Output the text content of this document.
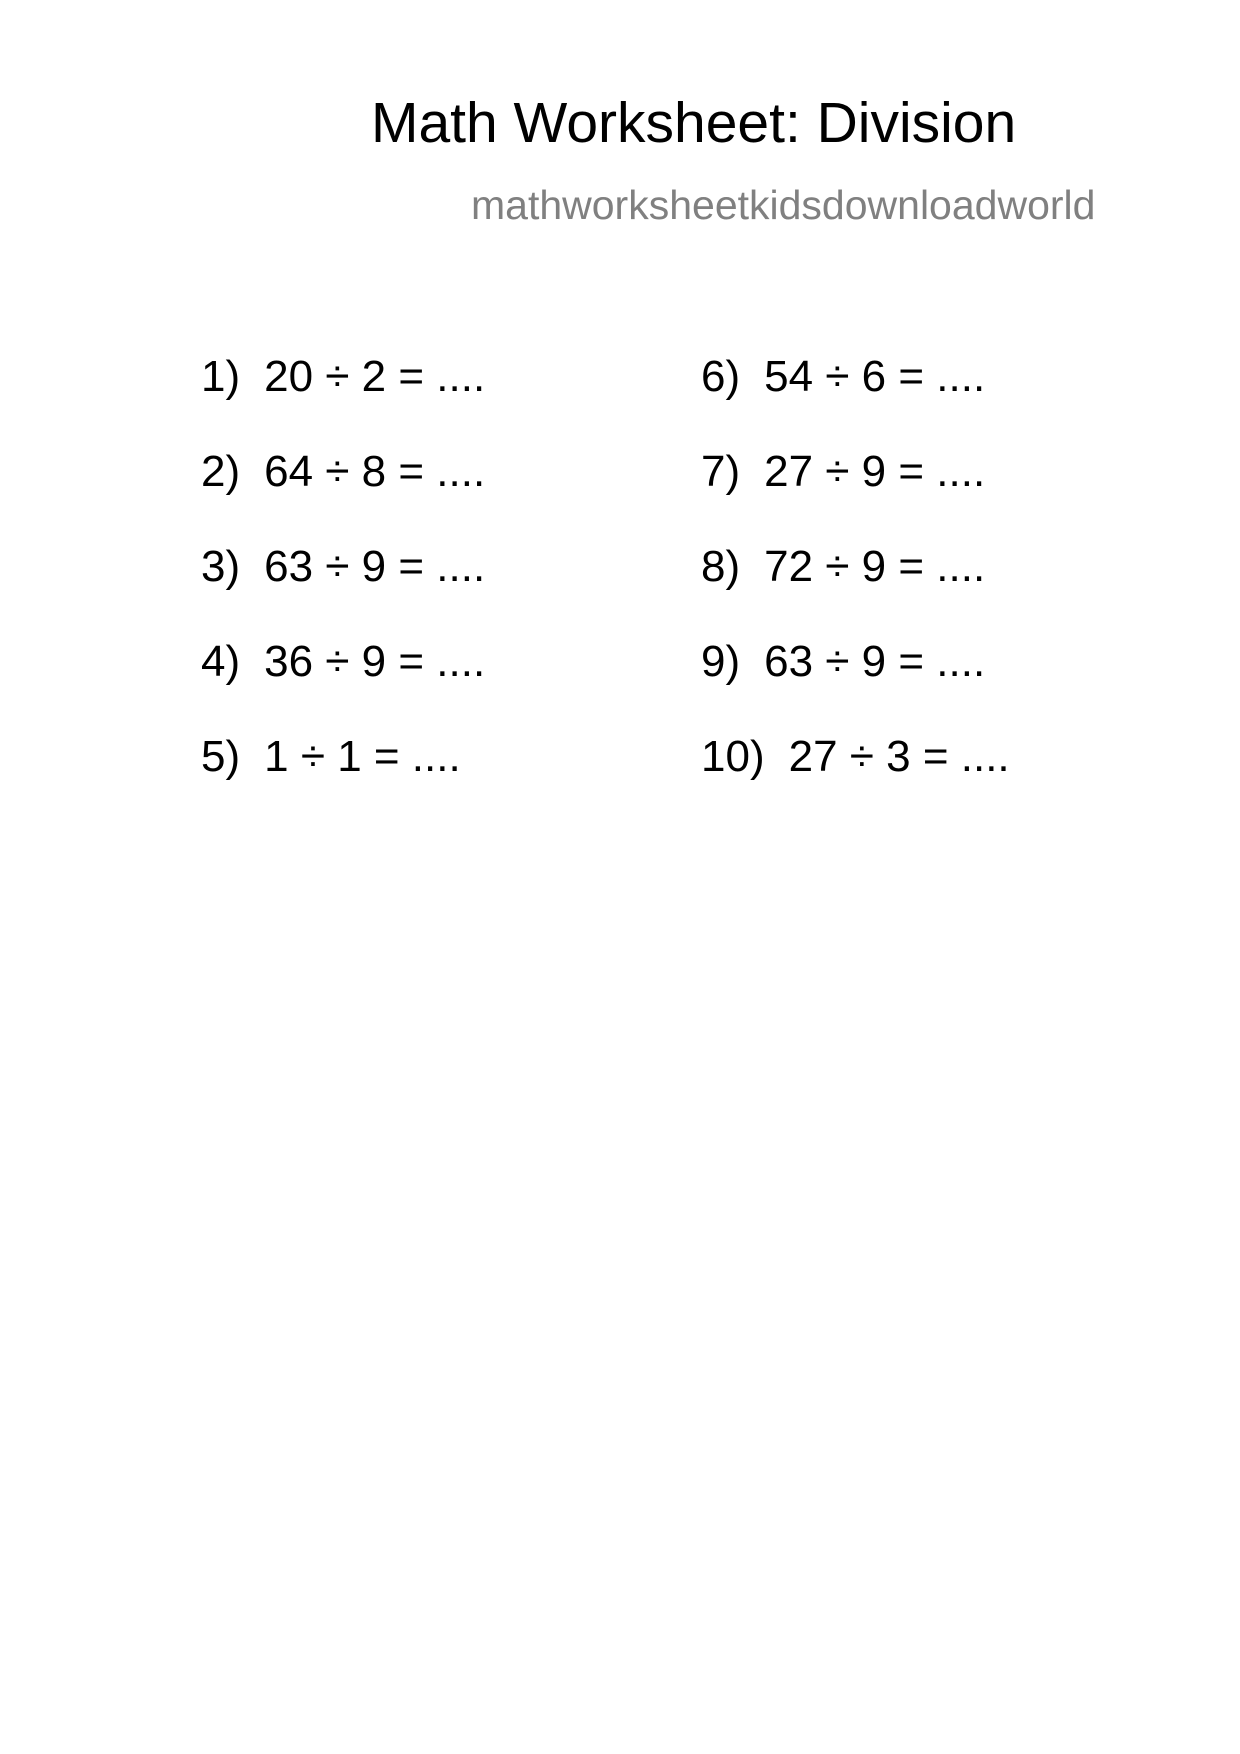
Math Worksheet: Division
mathworksheetkidsdownloadworld
1) 20 ÷ 2 = ....
2) 64 ÷ 8 = ....
3) 63 ÷ 9 = ....
4) 36 ÷ 9 = ....
5) 1 ÷ 1 = ....
6) 54 ÷ 6 = ....
7) 27 ÷ 9 = ....
8) 72 ÷ 9 = ....
9) 63 ÷ 9 = ....
10) 27 ÷ 3 = ....
